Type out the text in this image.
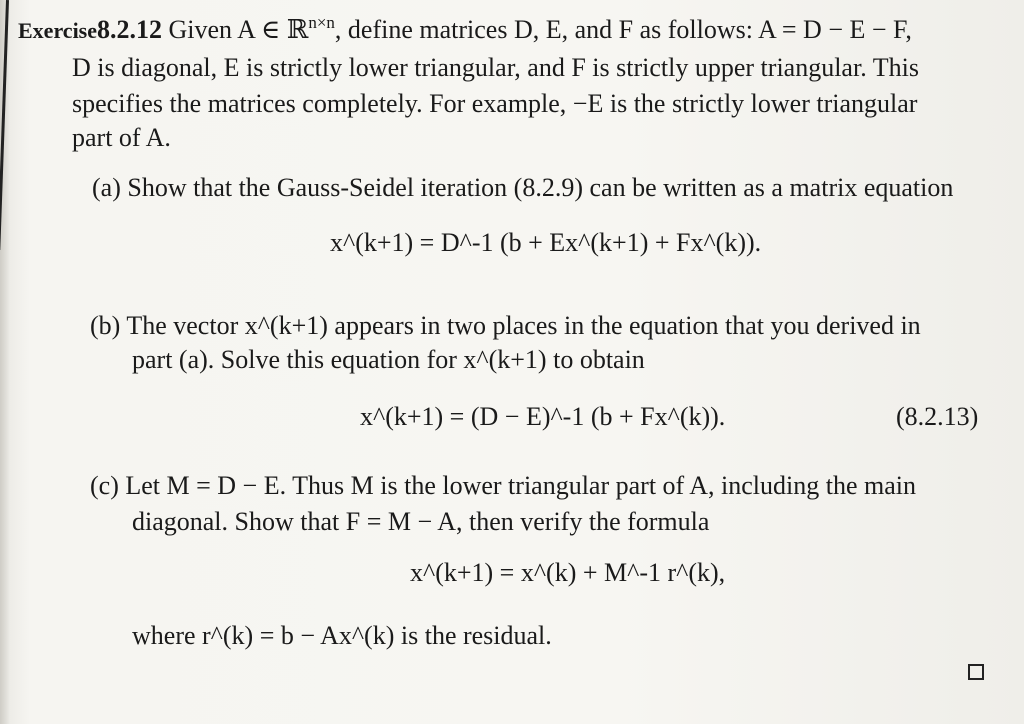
Exercise8.2.12 Given A ∈ ℝ$^{n\times n}$, define matrices D, E, and F as follows: A = D − E − F,
D is diagonal, E is strictly lower triangular, and F is strictly upper triangular. This
specifies the matrices completely. For example, −E is the strictly lower triangular
part of A.
(a) Show that the Gauss-Seidel iteration (8.2.9) can be written as a matrix equation
x^(k+1) = D^-1 (b + Ex^(k+1) + Fx^(k)).
(b) The vector x^(k+1) appears in two places in the equation that you derived in
part (a). Solve this equation for x^(k+1) to obtain
x^(k+1) = (D − E)^-1 (b + Fx^(k)).	(8.2.13)
(c) Let M = D − E. Thus M is the lower triangular part of A, including the main
diagonal. Show that F = M − A, then verify the formula
x^(k+1) = x^(k) + M^-1 r^(k),
where r^(k) = b − Ax^(k) is the residual.
